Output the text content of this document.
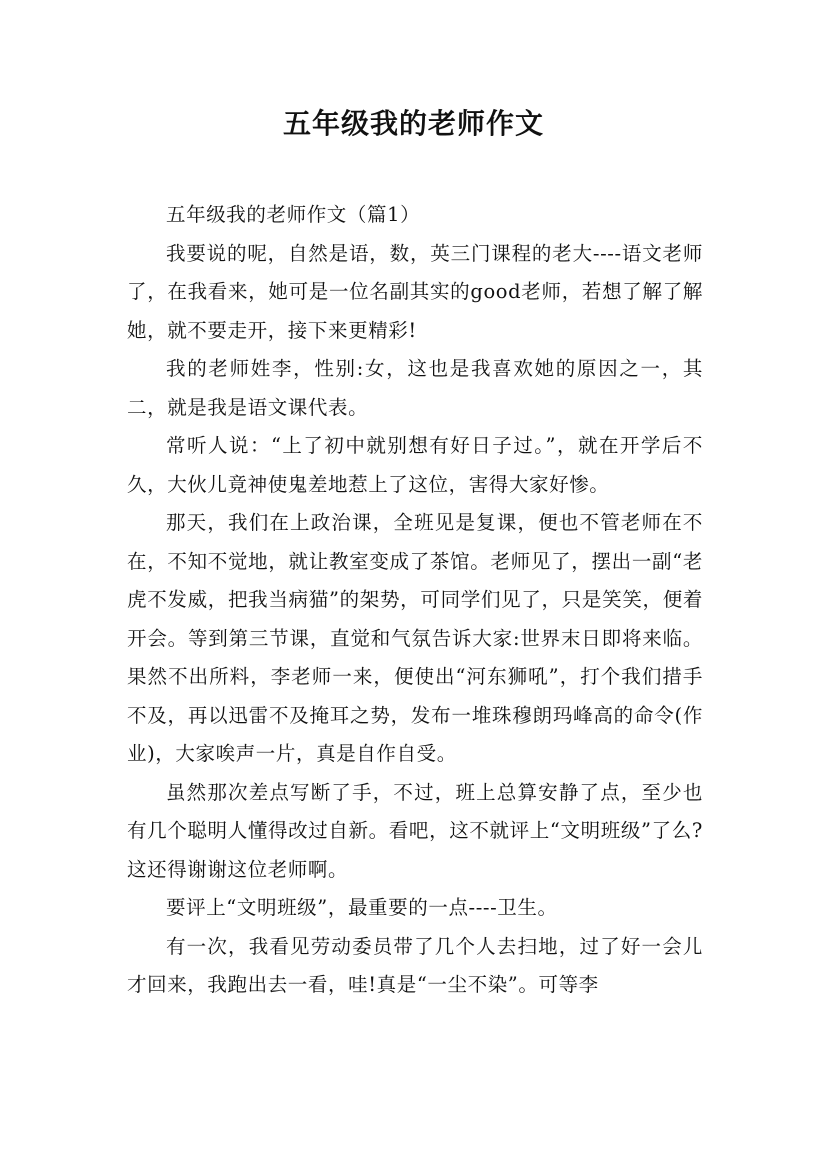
五年级我的老师作文

五年级我的老师作文（篇1）

我要说的呢，自然是语，数，英三门课程的老大----语文老师了，在我看来，她可是一位名副其实的good老师，若想了解了解她，就不要走开，接下来更精彩!

我的老师姓李，性别:女，这也是我喜欢她的原因之一，其二，就是我是语文课代表。

常听人说：“上了初中就别想有好日子过。”，就在开学后不久，大伙儿竟神使鬼差地惹上了这位，害得大家好惨。

那天，我们在上政治课，全班见是复课，便也不管老师在不在，不知不觉地，就让教室变成了茶馆。老师见了，摆出一副“老虎不发威，把我当病猫”的架势，可同学们见了，只是笑笑，便着开会。等到第三节课，直觉和气氛告诉大家:世界末日即将来临。果然不出所料，李老师一来，便使出“河东狮吼”，打个我们措手不及，再以迅雷不及掩耳之势，发布一堆珠穆朗玛峰高的命令(作业)，大家唉声一片，真是自作自受。

虽然那次差点写断了手，不过，班上总算安静了点，至少也有几个聪明人懂得改过自新。看吧，这不就评上“文明班级”了么?这还得谢谢这位老师啊。

要评上“文明班级”，最重要的一点----卫生。

有一次，我看见劳动委员带了几个人去扫地，过了好一会儿才回来，我跑出去一看，哇!真是“一尘不染”。可等李
